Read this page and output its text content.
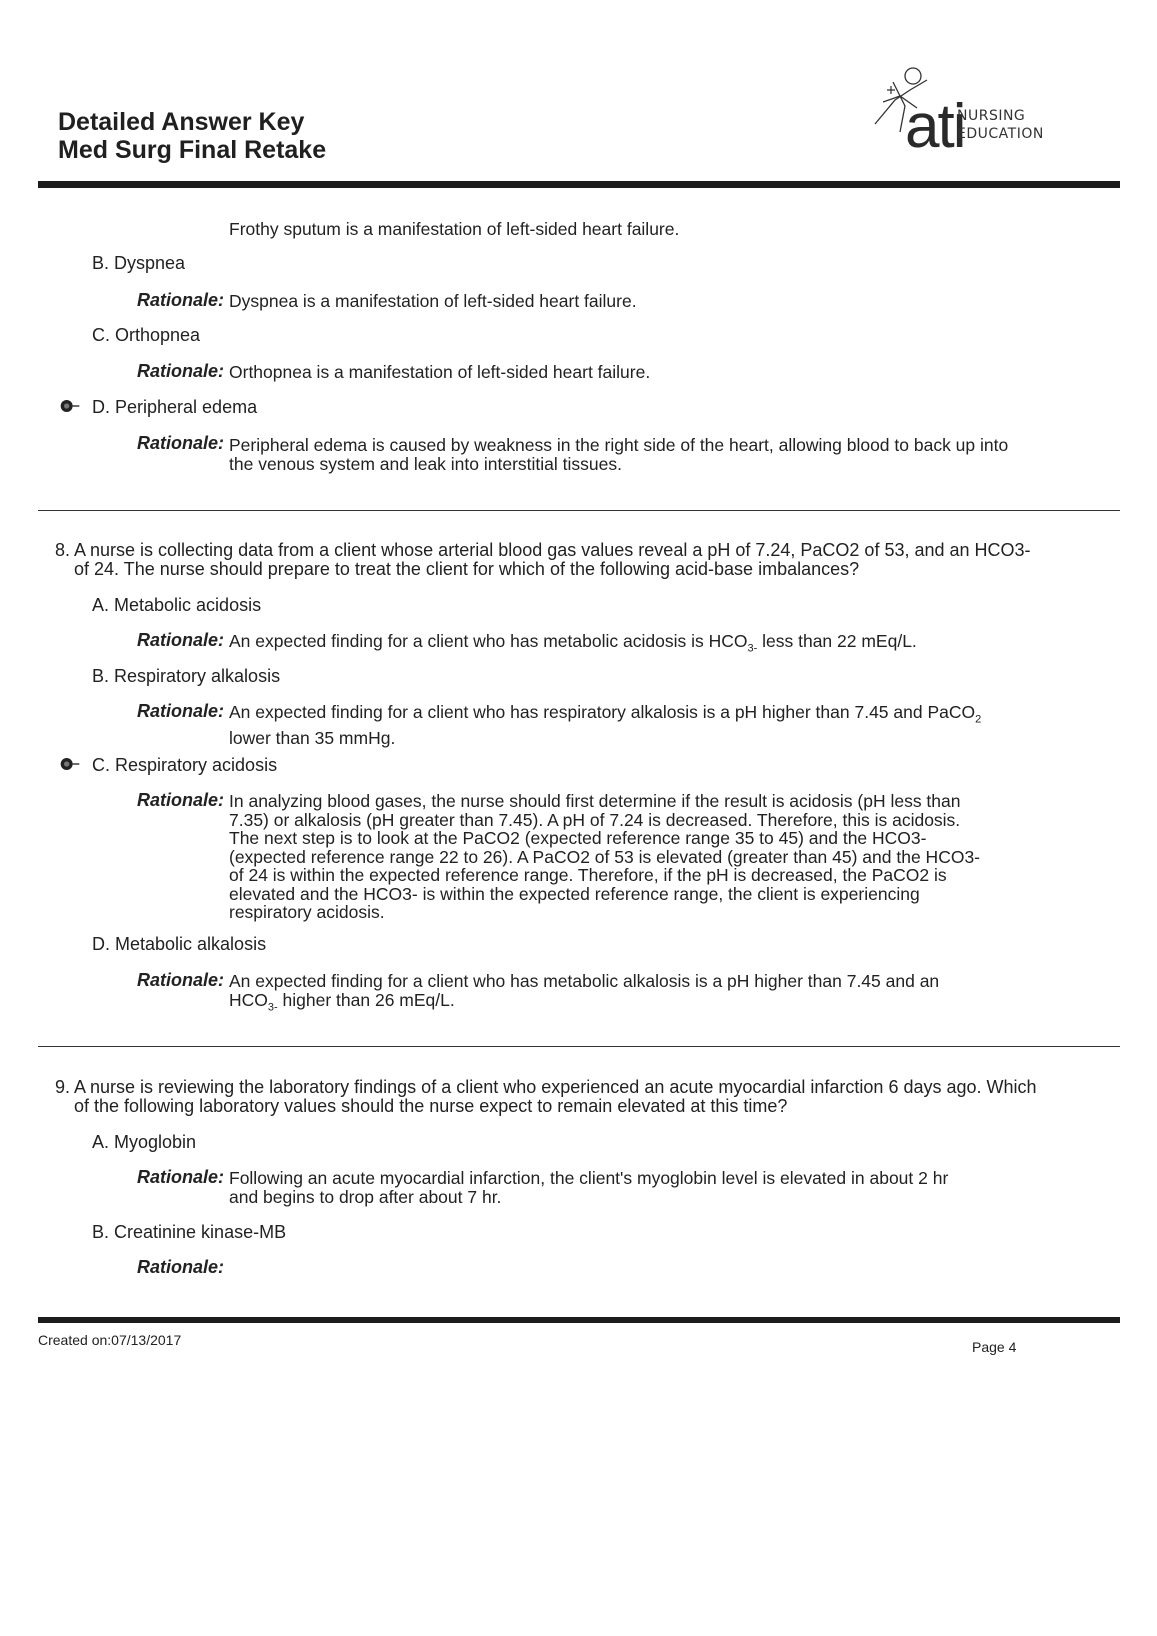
Detailed Answer Key
Med Surg Final Retake	ati
NURSING
EDUCATION
Frothy sputum is a manifestation of left-sided heart failure.
B. Dyspnea
Rationale: Dyspnea is a manifestation of left-sided heart failure.
C. Orthopnea
Rationale: Orthopnea is a manifestation of left-sided heart failure.
D. Peripheral edema
Rationale: Peripheral edema is caused by weakness in the right side of the heart, allowing blood to back up into the venous system and leak into interstitial tissues.
8. A nurse is collecting data from a client whose arterial blood gas values reveal a pH of 7.24, PaCO2 of 53, and an HCO3- of 24. The nurse should prepare to treat the client for which of the following acid-base imbalances?
A. Metabolic acidosis
Rationale: An expected finding for a client who has metabolic acidosis is $HCO_{3-}$ less than 22 mEq/L.
B. Respiratory alkalosis
Rationale: An expected finding for a client who has respiratory alkalosis is a pH higher than 7.45 and PaCO$_2$ lower than 35 mmHg.
C. Respiratory acidosis
Rationale: In analyzing blood gases, the nurse should first determine if the result is acidosis (pH less than 7.35) or alkalosis (pH greater than 7.45). A pH of 7.24 is decreased. Therefore, this is acidosis. The next step is to look at the PaCO2 (expected reference range 35 to 45) and the HCO3- (expected reference range 22 to 26). A PaCO2 of 53 is elevated (greater than 45) and the HCO3- of 24 is within the expected reference range. Therefore, if the pH is decreased, the PaCO2 is elevated and the HCO3- is within the expected reference range, the client is experiencing respiratory acidosis.
D. Metabolic alkalosis
Rationale: An expected finding for a client who has metabolic alkalosis is a pH higher than 7.45 and an $HCO_{3-}$ higher than 26 mEq/L.
9. A nurse is reviewing the laboratory findings of a client who experienced an acute myocardial infarction 6 days ago. Which of the following laboratory values should the nurse expect to remain elevated at this time?
A. Myoglobin
Rationale: Following an acute myocardial infarction, the client's myoglobin level is elevated in about 2 hr and begins to drop after about 7 hr.
B. Creatinine kinase-MB
Rationale:
Created on:07/13/2017	Page 4
